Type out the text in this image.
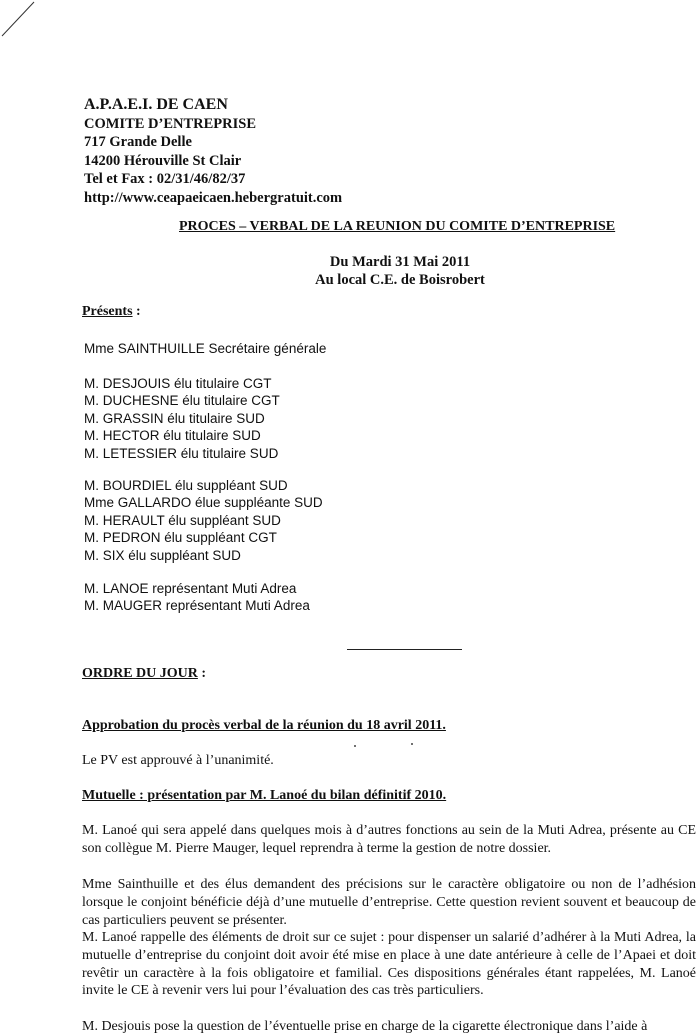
A.P.A.E.I. DE CAEN
COMITE D’ENTREPRISE
717 Grande Delle
14200 Hérouville St Clair
Tel et Fax : 02/31/46/82/37
http://www.ceapaeicaen.hebergratuit.com
PROCES – VERBAL DE LA REUNION DU COMITE D’ENTREPRISE
Du Mardi 31 Mai 2011
Au local C.E. de Boisrobert
Présents :
Mme SAINTHUILLE Secrétaire générale
M. DESJOUIS élu titulaire CGT
M. DUCHESNE élu titulaire CGT
M. GRASSIN élu titulaire SUD
M. HECTOR élu titulaire SUD
M. LETESSIER élu titulaire SUD
M. BOURDIEL élu suppléant SUD
Mme GALLARDO élue suppléante SUD
M. HERAULT élu suppléant SUD
M. PEDRON élu suppléant CGT
M. SIX élu suppléant SUD
M. LANOE représentant Muti Adrea
M. MAUGER représentant Muti Adrea
ORDRE DU JOUR :
Approbation du procès verbal de la réunion du 18 avril 2011.

Le PV est approuvé à l’unanimité.

Mutuelle : présentation par M. Lanoé du bilan définitif 2010.

M. Lanoé qui sera appelé dans quelques mois à d’autres fonctions au sein de la Muti Adrea, présente au CE son collègue M. Pierre Mauger, lequel reprendra à terme la gestion de notre dossier.

Mme Sainthuille et des élus demandent des précisions sur le caractère obligatoire ou non de l’adhésion lorsque le conjoint bénéficie déjà d’une mutuelle d’entreprise. Cette question revient souvent et beaucoup de cas particuliers peuvent se présenter.

M. Lanoé rappelle des éléments de droit sur ce sujet : pour dispenser un salarié d’adhérer à la Muti Adrea, la mutuelle d’entreprise du conjoint doit avoir été mise en place à une date antérieure à celle de l’Apaei et doit revêtir un caractère à la fois obligatoire et familial. Ces dispositions générales étant rappelées, M. Lanoé invite le CE à revenir vers lui pour l’évaluation des cas très particuliers.

M. Desjouis pose la question de l’éventuelle prise en charge de la cigarette électronique dans l’aide à
